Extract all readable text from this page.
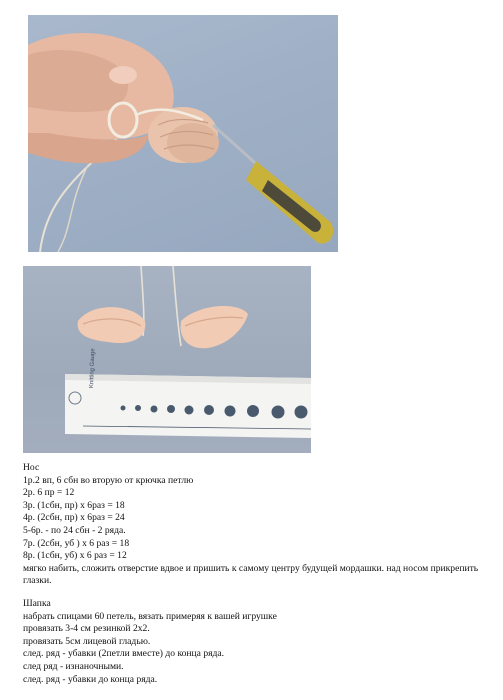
Knitting Gauge
Нос
1р.2 вп, 6 сбн во вторую от крючка петлю
2р. 6 пр = 12
3р. (1сбн, пр) х 6раз = 18
4р. (2сбн, пр) х 6раз = 24
5-6р. - по 24 сбн - 2 ряда.
7р. (2сбн, уб ) х 6 раз = 18
8р. (1сбн, уб) х 6 раз = 12
мягко набить, сложить отверстие вдвое и пришить к самому центру будущей мордашки. над носом прикрепить глазки.
Шапка
набрать спицами 60 петель, вязать примеряя к вашей игрушке
провязать 3-4 см резинкой 2х2.
провязать 5см лицевой гладью.
след. ряд - убавки (2петли вместе) до конца ряда.
след ряд - изнаночными.
след. ряд - убавки до конца ряда.
